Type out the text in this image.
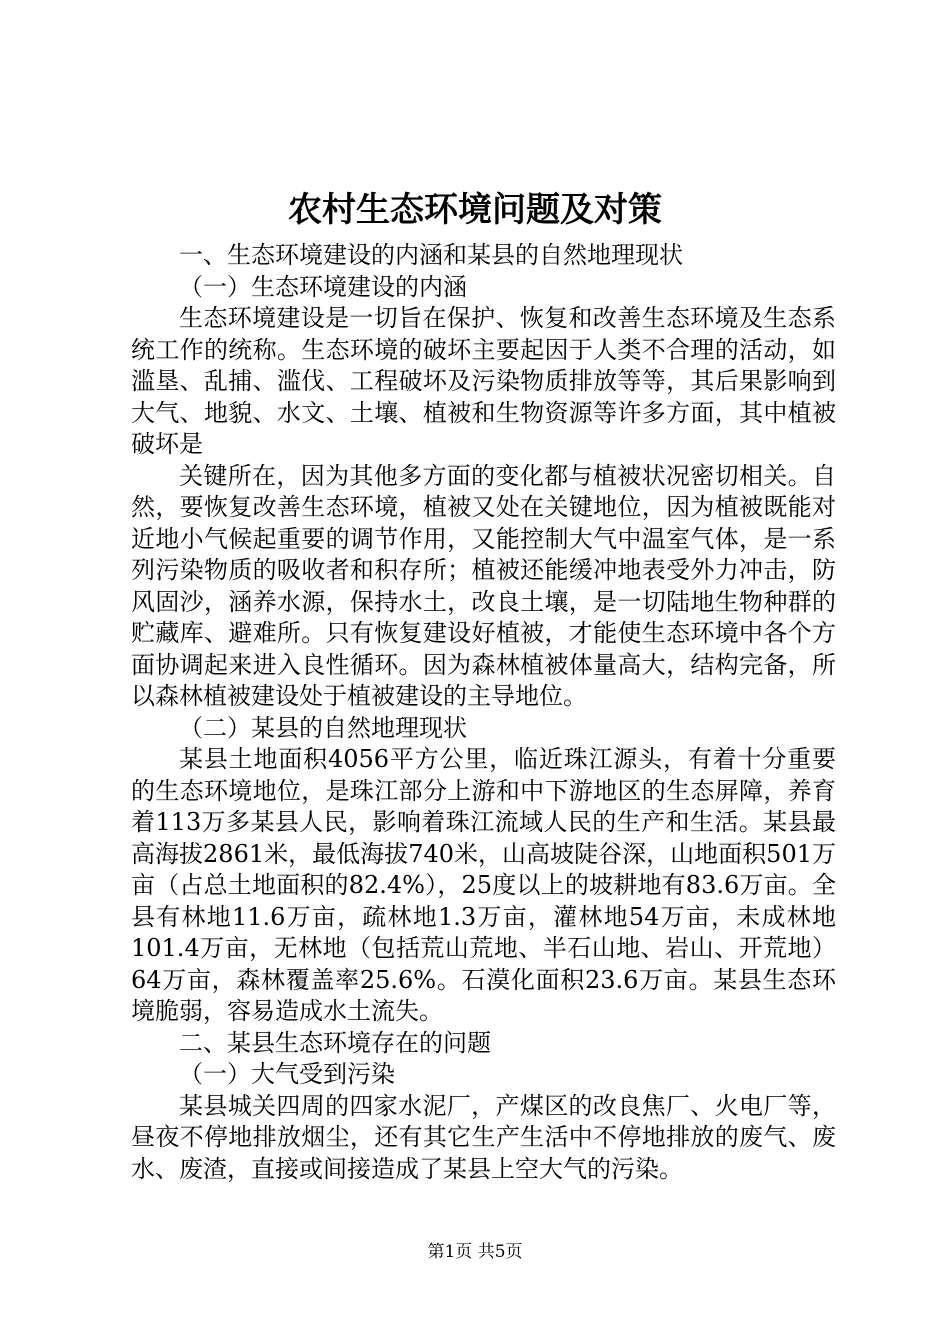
农村生态环境问题及对策

一、生态环境建设的内涵和某县的自然地理现状

（一）生态环境建设的内涵

生态环境建设是一切旨在保护、恢复和改善生态环境及生态系统工作的统称。生态环境的破坏主要起因于人类不合理的活动，如滥垦、乱捕、滥伐、工程破坏及污染物质排放等等，其后果影响到大气、地貌、水文、土壤、植被和生物资源等许多方面，其中植被破坏是

关键所在，因为其他多方面的变化都与植被状况密切相关。自然，要恢复改善生态环境，植被又处在关键地位，因为植被既能对近地小气候起重要的调节作用，又能控制大气中温室气体，是一系列污染物质的吸收者和积存所；植被还能缓冲地表受外力冲击，防风固沙，涵养水源，保持水土，改良土壤，是一切陆地生物种群的贮藏库、避难所。只有恢复建设好植被，才能使生态环境中各个方面协调起来进入良性循环。因为森林植被体量高大，结构完备，所以森林植被建设处于植被建设的主导地位。

（二）某县的自然地理现状

某县土地面积4056平方公里，临近珠江源头，有着十分重要的生态环境地位，是珠江部分上游和中下游地区的生态屏障，养育着113万多某县人民，影响着珠江流域人民的生产和生活。某县最高海拔2861米，最低海拔740米，山高坡陡谷深，山地面积501万亩（占总土地面积的82.4%），25度以上的坡耕地有83.6万亩。全县有林地11.6万亩，疏林地1.3万亩，灌林地54万亩，未成林地101.4万亩，无林地（包括荒山荒地、半石山地、岩山、开荒地）64万亩，森林覆盖率25.6%。石漠化面积23.6万亩。某县生态环境脆弱，容易造成水土流失。

二、某县生态环境存在的问题

（一）大气受到污染

某县城关四周的四家水泥厂，产煤区的改良焦厂、火电厂等，昼夜不停地排放烟尘，还有其它生产生活中不停地排放的废气、废水、废渣，直接或间接造成了某县上空大气的污染。

第1页 共5页
